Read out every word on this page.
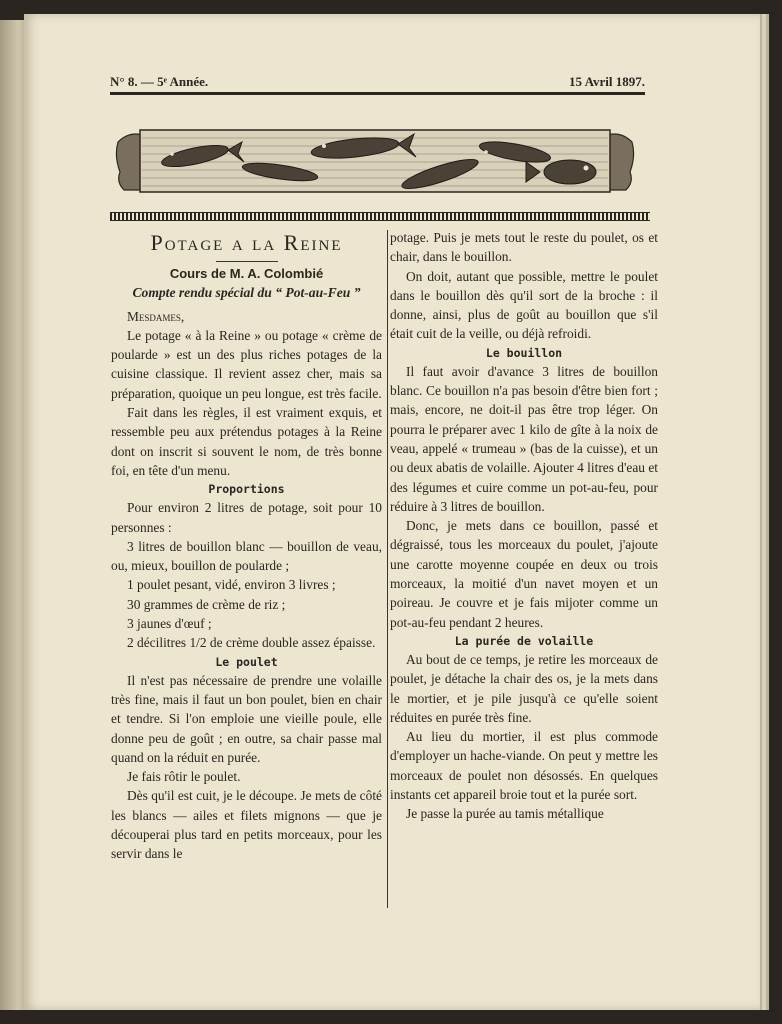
N° 8. — 5ᵉ Année.	15 Avril 1897.

Potage a la Reine

Cours de M. A. Colombié

Compte rendu spécial du “ Pot-au-Feu ”

Mesdames,

Le potage « à la Reine » ou potage « crème de poularde » est un des plus riches potages de la cuisine classique. Il revient assez cher, mais sa préparation, quoique un peu longue, est très facile.

Fait dans les règles, il est vraiment exquis, et ressemble peu aux prétendus potages à la Reine dont on inscrit si souvent le nom, de très bonne foi, en tête d'un menu.

Proportions

Pour environ 2 litres de potage, soit pour 10 personnes :

3 litres de bouillon blanc — bouillon de veau, ou, mieux, bouillon de poularde ;

1 poulet pesant, vidé, environ 3 livres ;

30 grammes de crème de riz ;

3 jaunes d'œuf ;

2 décilitres 1/2 de crème double assez épaisse.

Le poulet

Il n'est pas nécessaire de prendre une volaille très fine, mais il faut un bon poulet, bien en chair et tendre. Si l'on emploie une vieille poule, elle donne peu de goût ; en outre, sa chair passe mal quand on la réduit en purée.

Je fais rôtir le poulet.

Dès qu'il est cuit, je le découpe. Je mets de côté les blancs — ailes et filets mignons — que je découperai plus tard en petits morceaux, pour les servir dans le

potage. Puis je mets tout le reste du poulet, os et chair, dans le bouillon.

On doit, autant que possible, mettre le poulet dans le bouillon dès qu'il sort de la broche : il donne, ainsi, plus de goût au bouillon que s'il était cuit de la veille, ou déjà refroidi.

Le bouillon

Il faut avoir d'avance 3 litres de bouillon blanc. Ce bouillon n'a pas besoin d'être bien fort ; mais, encore, ne doit-il pas être trop léger. On pourra le préparer avec 1 kilo de gîte à la noix de veau, appelé « trumeau » (bas de la cuisse), et un ou deux abatis de volaille. Ajouter 4 litres d'eau et des légumes et cuire comme un pot-au-feu, pour réduire à 3 litres de bouillon.

Donc, je mets dans ce bouillon, passé et dégraissé, tous les morceaux du poulet, j'ajoute une carotte moyenne coupée en deux ou trois morceaux, la moitié d'un navet moyen et un poireau. Je couvre et je fais mijoter comme un pot-au-feu pendant 2 heures.

La purée de volaille

Au bout de ce temps, je retire les morceaux de poulet, je détache la chair des os, je la mets dans le mortier, et je pile jusqu'à ce qu'elle soient réduites en purée très fine.

Au lieu du mortier, il est plus commode d'employer un hache-viande. On peut y mettre les morceaux de poulet non désossés. En quelques instants cet appareil broie tout et la purée sort.

Je passe la purée au tamis métallique
